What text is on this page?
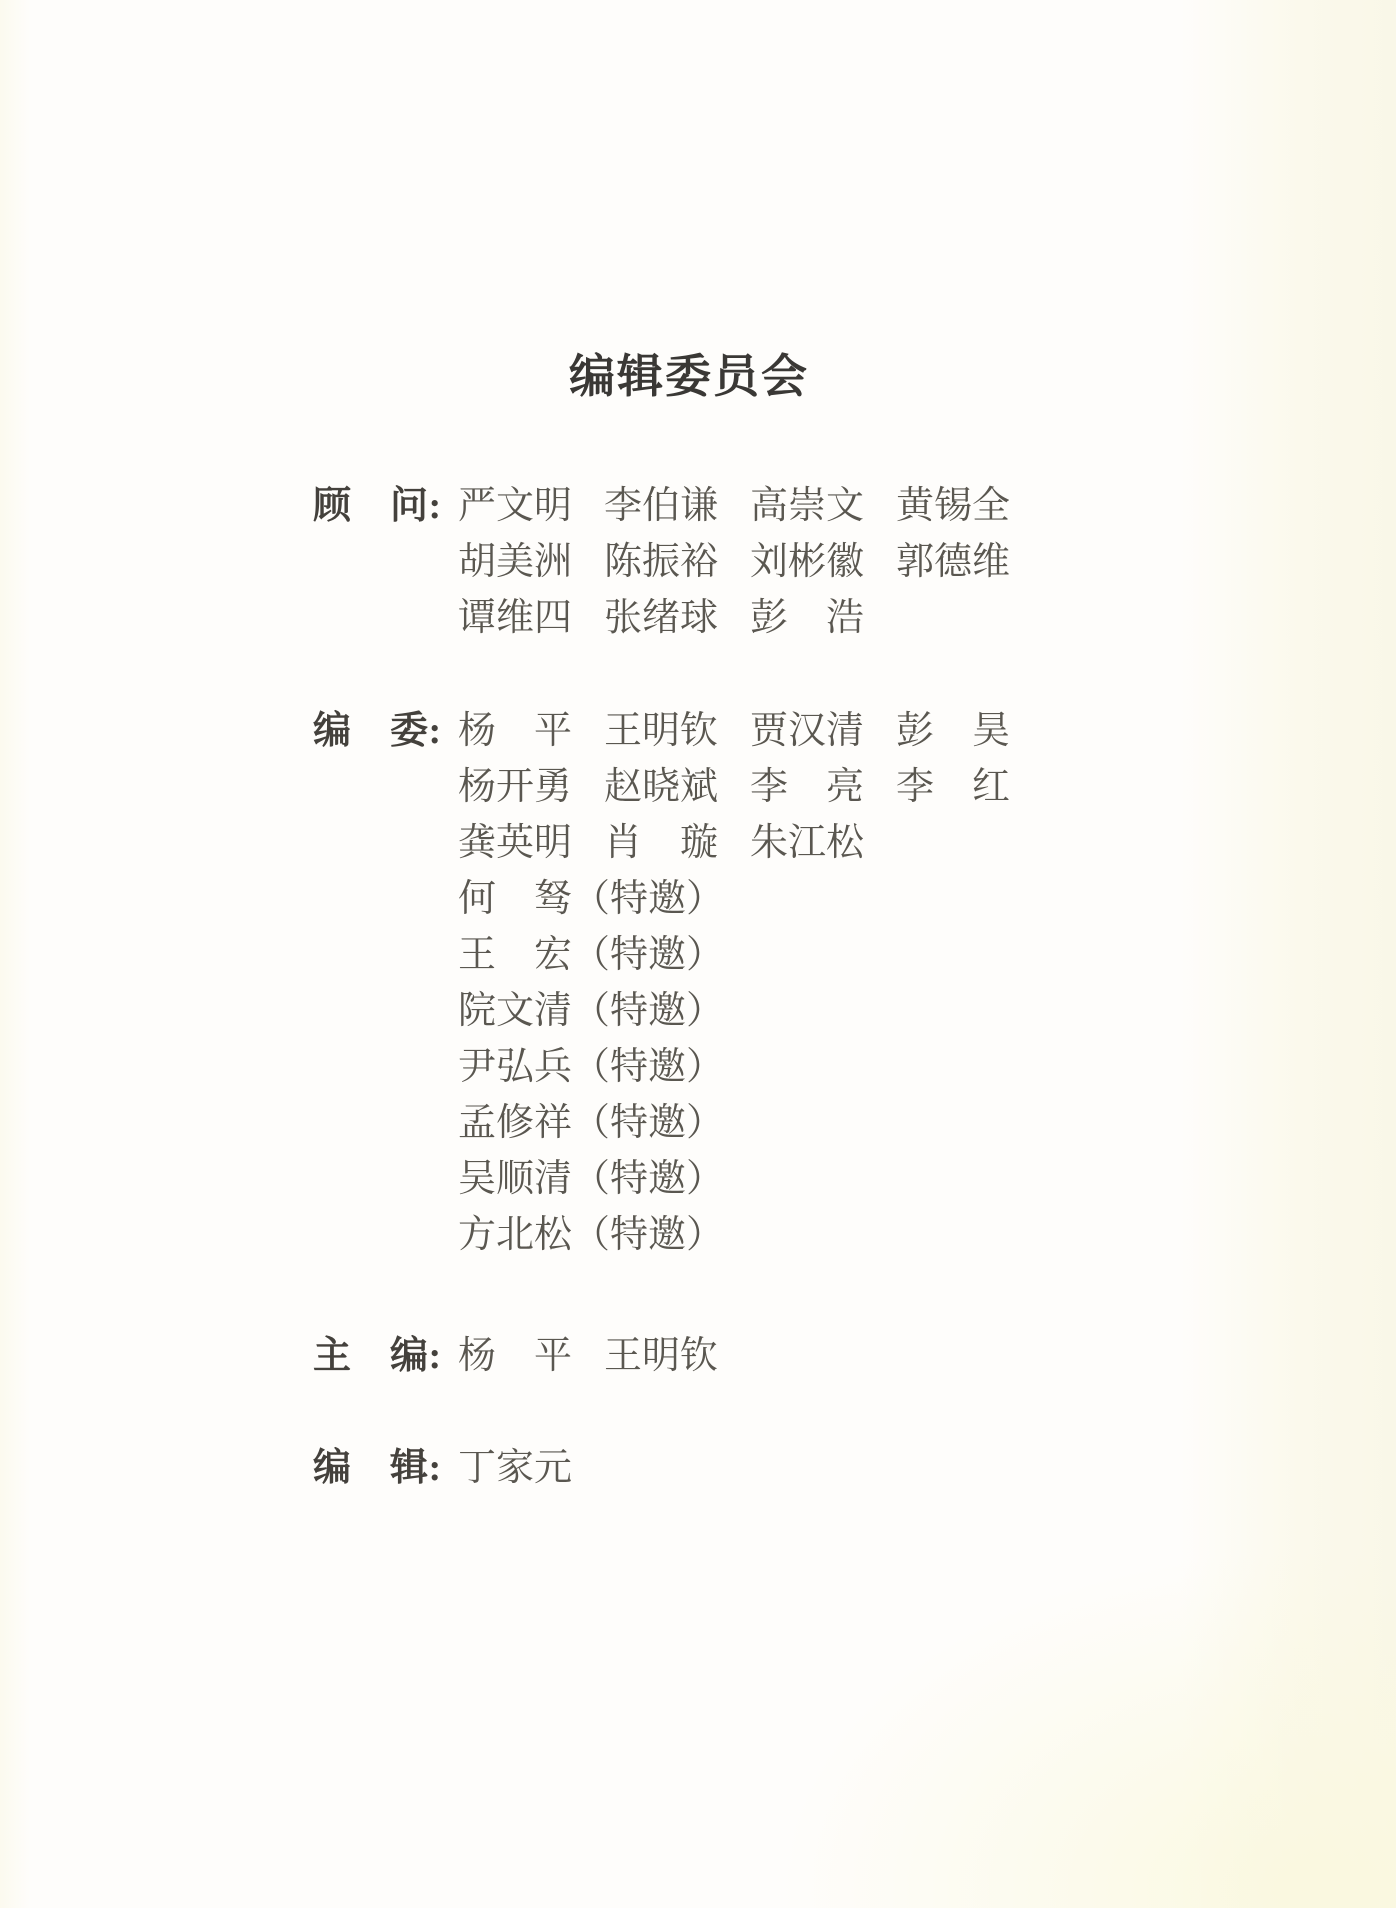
编辑委员会
顾　问: 严文明 李伯谦 高崇文 黄锡全
胡美洲 陈振裕 刘彬徽 郭德维
谭维四 张绪球 彭　浩
编　委: 杨　平 王明钦 贾汉清 彭　昊
杨开勇 赵晓斌 李　亮 李　红
龚英明 肖　璇 朱江松
何　驽（特邀）
王　宏（特邀）
院文清（特邀）
尹弘兵（特邀）
孟修祥（特邀）
吴顺清（特邀）
方北松（特邀）
主　编: 杨　平 王明钦
编　辑: 丁家元
